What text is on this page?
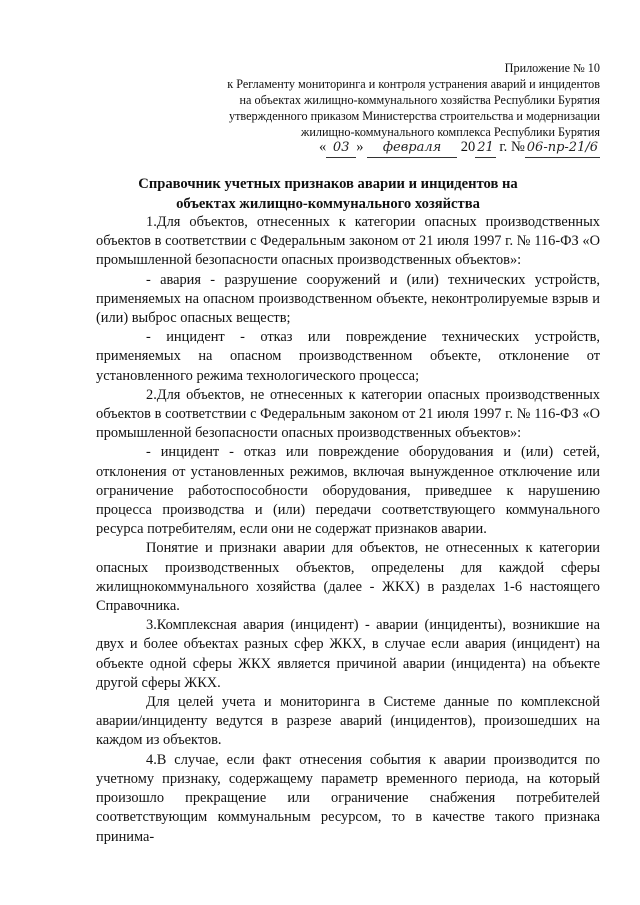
Приложение № 10
к Регламенту мониторинга и контроля устранения аварий и инцидентов
на объектах жилищно-коммунального хозяйства Республики Бурятия
утвержденного приказом Министерства строительства и модернизации
жилищно-коммунального комплекса Республики Бурятия
« 03 » февраля 20 21 г. № 06-пр-21/6
Справочник учетных признаков аварии и инцидентов на
объектах жилищно-коммунального хозяйства

1.Для объектов, отнесенных к категории опасных производственных объектов в соответствии с Федеральным законом от 21 июля 1997 г. № 116-ФЗ «О промышленной безопасности опасных производственных объектов»:

- авария - разрушение сооружений и (или) технических устройств, применяемых на опасном производственном объекте, неконтролируемые взрыв и (или) выброс опасных веществ;

- инцидент - отказ или повреждение технических устройств, применяемых на опасном производственном объекте, отклонение от установленного режима технологического процесса;

2.Для объектов, не отнесенных к категории опасных производственных объектов в соответствии с Федеральным законом от 21 июля 1997 г. № 116-ФЗ «О промышленной безопасности опасных производственных объектов»:

- инцидент - отказ или повреждение оборудования и (или) сетей, отклонения от установленных режимов, включая вынужденное отключение или ограничение работоспособности оборудования, приведшее к нарушению процесса производства и (или) передачи соответствующего коммунального ресурса потребителям, если они не содержат признаков аварии.

Понятие и признаки аварии для объектов, не отнесенных к категории опасных производственных объектов, определены для каждой сферы жилищнокоммунального хозяйства (далее - ЖКХ) в разделах 1-6 настоящего Справочника.

3.Комплексная авария (инцидент) - аварии (инциденты), возникшие на двух и более объектах разных сфер ЖКХ, в случае если авария (инцидент) на объекте одной сферы ЖКХ является причиной аварии (инцидента) на объекте другой сферы ЖКХ.

Для целей учета и мониторинга в Системе данные по комплексной аварии/инциденту ведутся в разрезе аварий (инцидентов), произошедших на каждом из объектов.

4.В случае, если факт отнесения события к аварии производится по учетному признаку, содержащему параметр временного периода, на который произошло прекращение или ограничение снабжения потребителей соответствующим коммунальным ресурсом, то в качестве такого признака принима-
